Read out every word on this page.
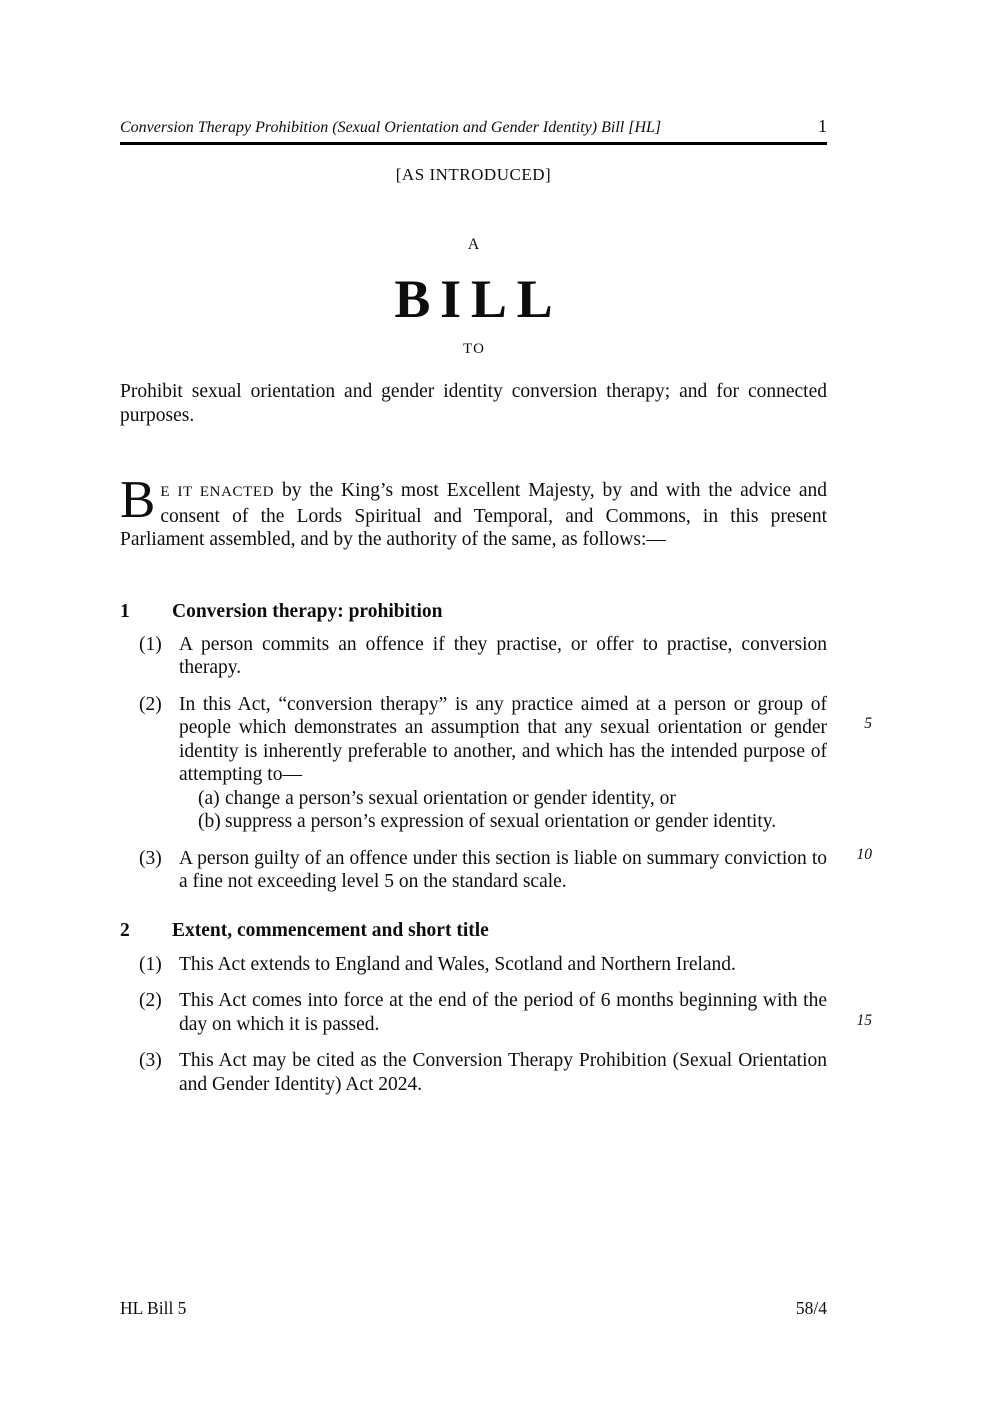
Conversion Therapy Prohibition (Sexual Orientation and Gender Identity) Bill [HL]	1
[AS INTRODUCED]
A
BILL
TO

Prohibit sexual orientation and gender identity conversion therapy; and for connected purposes.

B E IT ENACTED by the King’s most Excellent Majesty, by and with the advice and consent of the Lords Spiritual and Temporal, and Commons, in this present Parliament assembled, and by the authority of the same, as follows:—

1	Conversion therapy: prohibition
(1) A person commits an offence if they practise, or offer to practise, conversion therapy.

(2) In this Act, “conversion therapy” is any practice aimed at a person or group of people which demonstrates an assumption that any sexual orientation or gender identity is inherently preferable to another, and which has the intended purpose of attempting to—

(a) change a person’s sexual orientation or gender identity, or

(b) suppress a person’s expression of sexual orientation or gender identity.

(3) A person guilty of an offence under this section is liable on summary conviction to a fine not exceeding level 5 on the standard scale.

2	Extent, commencement and short title
(1) This Act extends to England and Wales, Scotland and Northern Ireland.

(2) This Act comes into force at the end of the period of 6 months beginning with the day on which it is passed.

(3) This Act may be cited as the Conversion Therapy Prohibition (Sexual Orientation and Gender Identity) Act 2024.

5
10
15
HL Bill 5	58/4
